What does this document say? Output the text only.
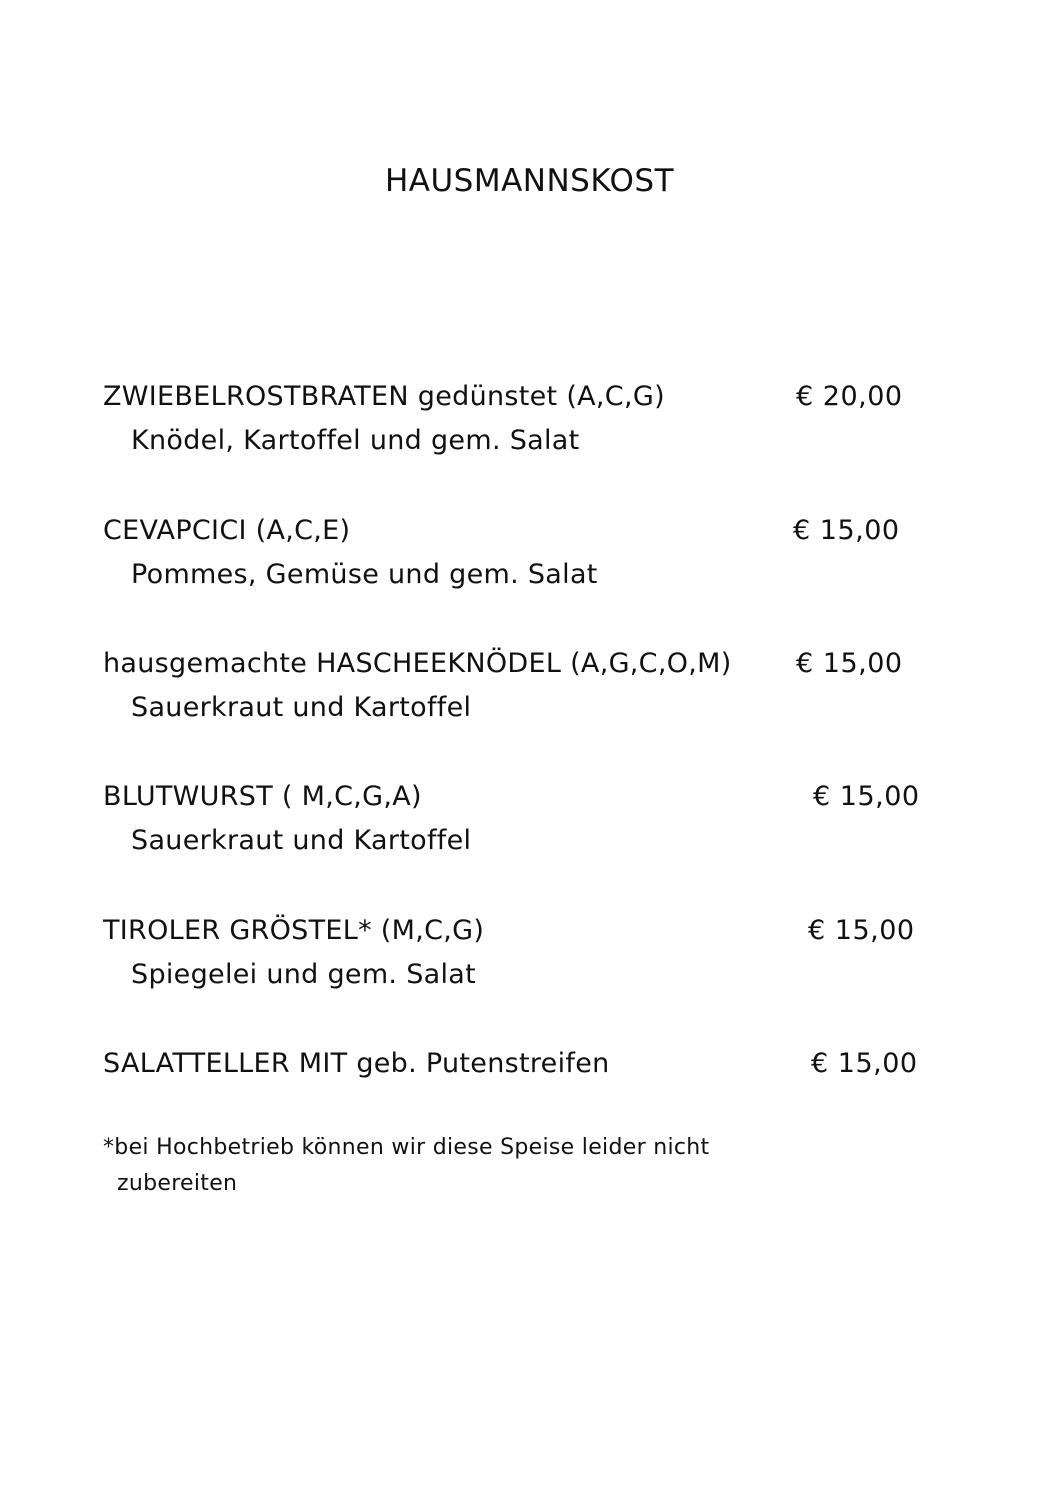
HAUSMANNSKOST
ZWIEBELROSTBRATEN gedünstet (A,C,G)	€ 20,00
Knödel, Kartoffel und gem. Salat
CEVAPCICI (A,C,E)	€ 15,00
Pommes, Gemüse und gem. Salat
hausgemachte HASCHEEKNÖDEL (A,G,C,O,M) € 15,00
Sauerkraut und Kartoffel
BLUTWURST ( M,C,G,A)	€ 15,00
Sauerkraut und Kartoffel
TIROLER GRÖSTEL* (M,C,G)	€ 15,00
Spiegelei und gem. Salat
SALATTELLER MIT geb. Putenstreifen	€ 15,00
*bei Hochbetrieb können wir diese Speise leider nicht
zubereiten
